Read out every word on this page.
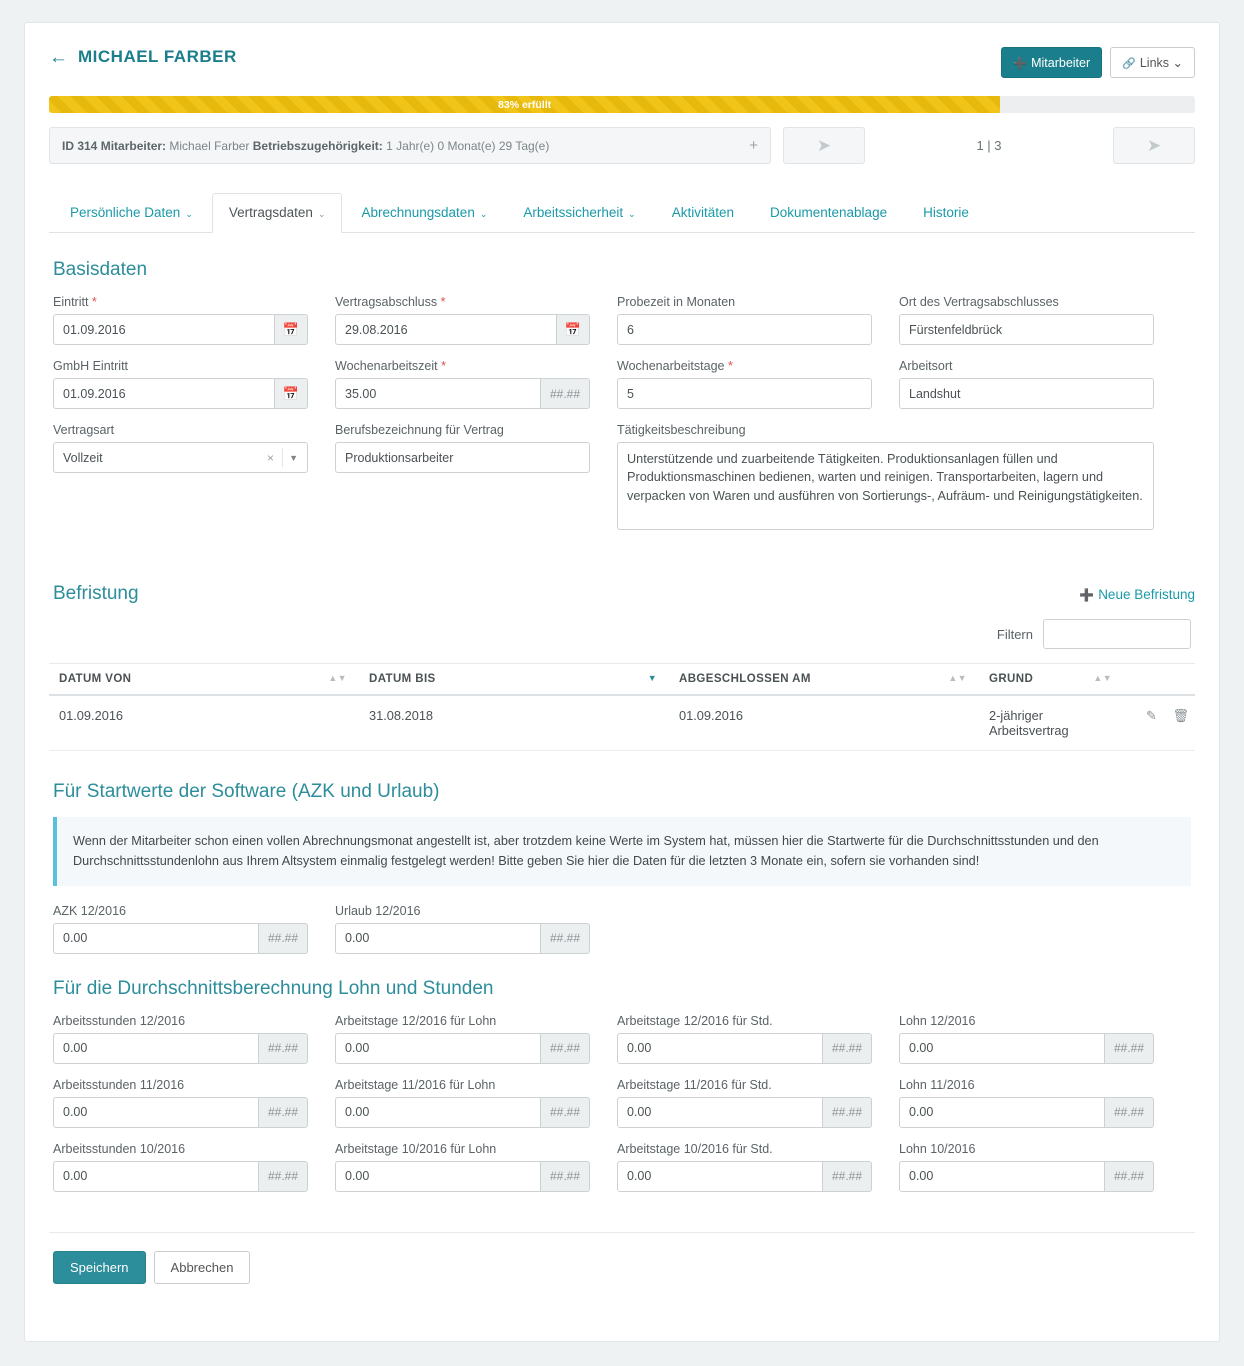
← MICHAEL FARBER	➕ Mitarbeiter	🔗 Links ⌄
83% erfüllt
ID 314 Mitarbeiter: Michael Farber Betriebszugehörigkeit: 1 Jahr(e) 0 Monat(e) 29 Tag(e)	+	➤	1 | 3	➤
Persönliche Daten ⌄	Vertragsdaten ⌄	Abrechnungsdaten ⌄	Arbeitssicherheit ⌄	Aktivitäten	Dokumentenablage	Historie
Basisdaten
Eintritt *
01.09.2016
📅
Vertragsabschluss *
29.08.2016
📅
Probezeit in Monaten
6	Ort des Vertragsabschlusses
Fürstenfeldbrück
GmbH Eintritt
01.09.2016
📅
Wochenarbeitszeit *
35.00
##.##
Wochenarbeitstage *
5	Arbeitsort
Landshut
Vertragsart
Vollzeit	× ▼
Berufsbezeichnung für Vertrag
Produktionsarbeiter	Tätigkeitsbeschreibung
Unterstützende und zuarbeitende Tätigkeiten. Produktionsanlagen füllen und Produktionsmaschinen bedienen, warten und reinigen. Transportarbeiten, lagern und verpacken von Waren und ausführen von Sortierungs-, Aufräum- und Reinigungstätigkeiten.
Befristung	➕ Neue Befristung
Filtern
DATUM VON ▲▼	DATUM BIS ▼	ABGESCHLOSSEN AM ▲▼	GRUND ▲▼	

01.09.2016	31.08.2018	01.09.2016	2-jähriger Arbeitsvertrag	✎ 🗑
Für Startwerte der Software (AZK und Urlaub)
Wenn der Mitarbeiter schon einen vollen Abrechnungsmonat angestellt ist, aber trotzdem keine Werte im System hat, müssen hier die Startwerte für die Durchschnittsstunden und den Durchschnittsstundenlohn aus Ihrem Altsystem einmalig festgelegt werden! Bitte geben Sie hier die Daten für die letzten 3 Monate ein, sofern sie vorhanden sind!
AZK 12/2016
0.00
##.##
Urlaub 12/2016
0.00
##.##
Für die Durchschnittsberechnung Lohn und Stunden
Arbeitsstunden 12/2016
0.00
##.##
Arbeitstage 12/2016 für Lohn
0.00
##.##
Arbeitstage 12/2016 für Std.
0.00
##.##
Lohn 12/2016
0.00
##.##
Arbeitsstunden 11/2016
0.00
##.##
Arbeitstage 11/2016 für Lohn
0.00
##.##
Arbeitstage 11/2016 für Std.
0.00
##.##
Lohn 11/2016
0.00
##.##
Arbeitsstunden 10/2016
0.00
##.##
Arbeitstage 10/2016 für Lohn
0.00
##.##
Arbeitstage 10/2016 für Std.
0.00
##.##
Lohn 10/2016
0.00
##.##
Speichern	Abbrechen
